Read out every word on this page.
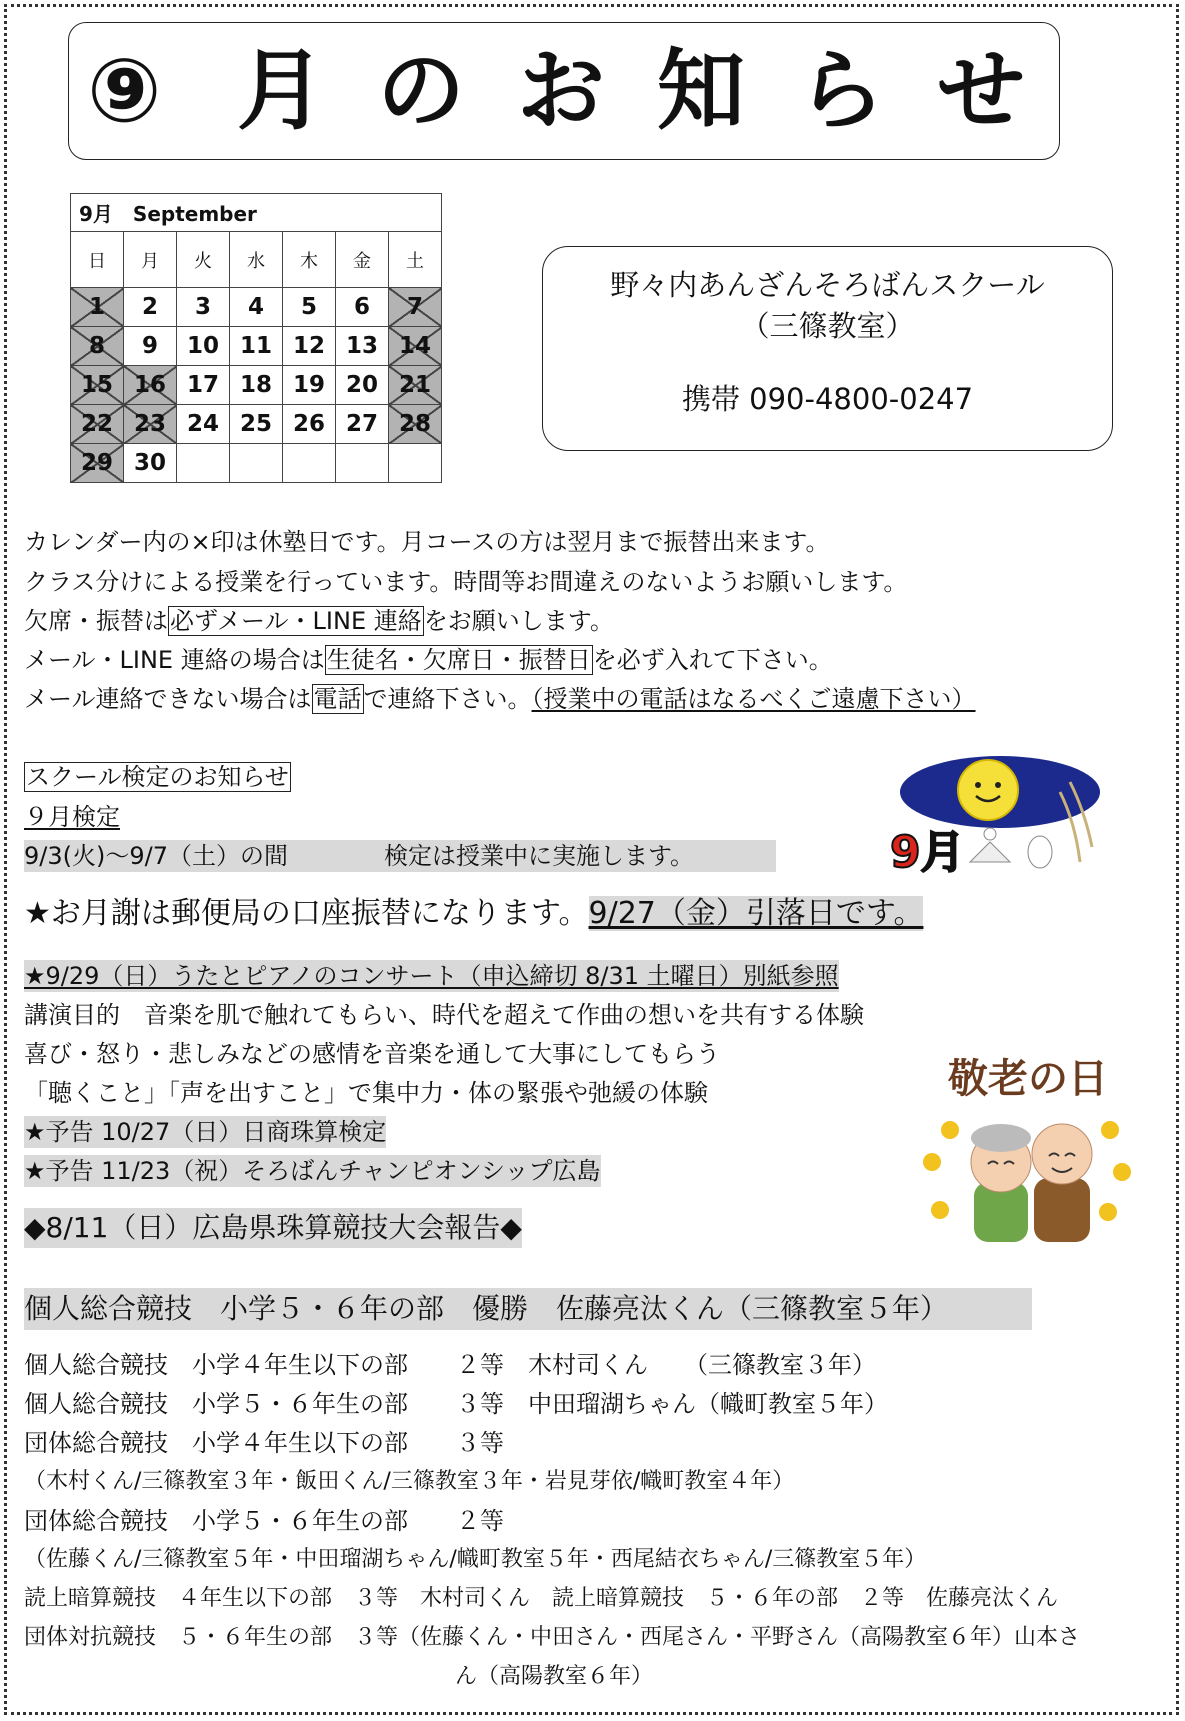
⑨ 月 の お 知 ら せ
9月　September						
日	月	火	水	木	金	土
1	2	3	4	5	6	7
8	9	10	11	12	13	14
15	16	17	18	19	20	21
22	23	24	25	26	27	28
29	30					
野々内あんざんそろばんスクール
（三篠教室）
携帯 090-4800-0247
カレンダー内の×印は休塾日です。月コースの方は翌月まで振替出来ます。
クラス分けによる授業を行っています。時間等お間違えのないようお願いします。
欠席・振替は必ずメール・LINE 連絡をお願いします。
メール・LINE 連絡の場合は生徒名・欠席日・振替日を必ず入れて下さい。
メール連絡できない場合は電話で連絡下さい。（授業中の電話はなるべくご遠慮下さい）
スクール検定のお知らせ
９月検定
9/3(火)～9/7（土）の間　　　　検定は授業中に実施します。	9月
★お月謝は郵便局の口座振替になります。9/27（金）引落日です。
★9/29（日）うたとピアノのコンサート（申込締切 8/31 土曜日）別紙参照
講演目的　音楽を肌で触れてもらい、時代を超えて作曲の想いを共有する体験
喜び・怒り・悲しみなどの感情を音楽を通して大事にしてもらう
「聴くこと」「声を出すこと」で集中力・体の緊張や弛緩の体験
★予告 10/27（日）日商珠算検定
★予告 11/23（祝）そろばんチャンピオンシップ広島
敬老の日
◆8/11（日）広島県珠算競技大会報告◆
個人総合競技　小学５・６年の部　優勝　佐藤亮汰くん（三篠教室５年）
個人総合競技　小学４年生以下の部　　２等　木村司くん　　（三篠教室３年）
個人総合競技　小学５・６年生の部　　３等　中田瑠湖ちゃん（幟町教室５年）
団体総合競技　小学４年生以下の部　　３等
（木村くん/三篠教室３年・飯田くん/三篠教室３年・岩見芽依/幟町教室４年）
団体総合競技　小学５・６年生の部　　２等
（佐藤くん/三篠教室５年・中田瑠湖ちゃん/幟町教室５年・西尾結衣ちゃん/三篠教室５年）
読上暗算競技　４年生以下の部　３等　木村司くん　読上暗算競技　５・６年の部　２等　佐藤亮汰くん
団体対抗競技　５・６年生の部　３等（佐藤くん・中田さん・西尾さん・平野さん（高陽教室６年）山本さ
ん（高陽教室６年）
